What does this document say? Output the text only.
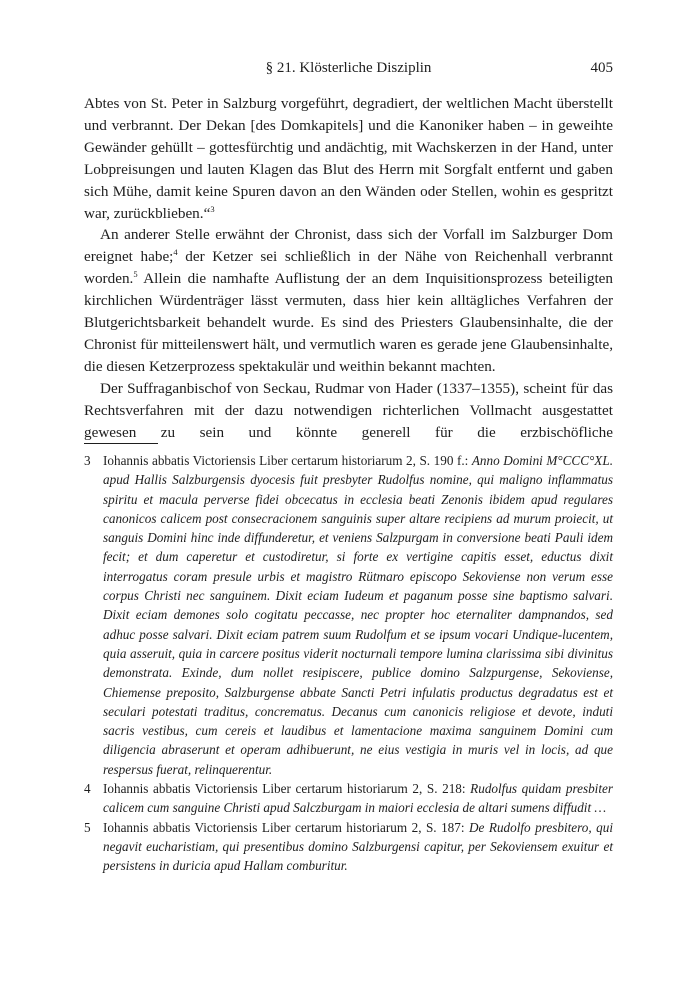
§ 21. Klösterliche Disziplin	405

Abtes von St. Peter in Salzburg vorgeführt, degradiert, der weltlichen Macht überstellt und verbrannt. Der Dekan [des Domkapitels] und die Kanoniker haben – in geweihte Gewänder gehüllt – gottesfürchtig und andächtig, mit Wachskerzen in der Hand, unter Lobpreisungen und lauten Klagen das Blut des Herrn mit Sorgfalt entfernt und gaben sich Mühe, damit keine Spuren davon an den Wänden oder Stellen, wohin es gespritzt war, zurückblieben.“$^3$

An anderer Stelle erwähnt der Chronist, dass sich der Vorfall im Salzburger Dom ereignet habe;$^4$ der Ketzer sei schließlich in der Nähe von Reichenhall verbrannt worden.$^5$ Allein die namhafte Auflistung der an dem Inquisitionsprozess beteiligten kirchlichen Würdenträger lässt vermuten, dass hier kein alltägliches Verfahren der Blutgerichtsbarkeit behandelt wurde. Es sind des Priesters Glaubensinhalte, die der Chronist für mitteilenswert hält, und vermutlich waren es gerade jene Glaubensinhalte, die diesen Ketzerprozess spektakulär und weithin bekannt machten.

Der Suffraganbischof von Seckau, Rudmar von Hader (1337–1355), scheint für das Rechtsverfahren mit der dazu notwendigen richterlichen Vollmacht ausgestattet gewesen zu sein und könnte generell für die erzbischöfliche

3 Iohannis abbatis Victoriensis Liber certarum historiarum 2, S. 190 f.: Anno Domini M°CCC°XL. apud Hallis Salzburgensis dyocesis fuit presbyter Rudolfus nomine, qui maligno inflammatus spiritu et macula perverse fidei obcecatus in ecclesia beati Zenonis ibidem apud regulares canonicos calicem post consecracionem sanguinis super altare recipiens ad murum proiecit, ut sanguis Domini hinc inde diffunderetur, et veniens Salzpurgam in conversione beati Pauli idem fecit; et dum caperetur et custodiretur, si forte ex vertigine capitis esset, eductus dixit interrogatus coram presule urbis et magistro Rütmaro episcopo Sekoviense non verum esse corpus Christi nec sanguinem. Dixit eciam Iudeum et paganum posse sine baptismo salvari. Dixit eciam demones solo cogitatu peccasse, nec propter hoc eternaliter dampnandos, sed adhuc posse salvari. Dixit eciam patrem suum Rudolfum et se ipsum vocari Undique-lucentem, quia asseruit, quia in carcere positus viderit nocturnali tempore lumina clarissima sibi divinitus demonstrata. Exinde, dum nollet resipiscere, publice domino Salzpurgense, Sekoviense, Chiemense preposito, Salzburgense abbate Sancti Petri infulatis productus degradatus est et seculari potestati traditus, concrematus. Decanus cum canonicis religiose et devote, induti sacris vestibus, cum cereis et laudibus et lamentacione maxima sanguinem Domini cum diligencia abraserunt et operam adhibuerunt, ne eius vestigia in muris vel in locis, ad que respersus fuerat, relinquerentur.
4 Iohannis abbatis Victoriensis Liber certarum historiarum 2, S. 218: Rudolfus quidam presbiter calicem cum sanguine Christi apud Salczburgam in maiori ecclesia de altari sumens diffudit …
5 Iohannis abbatis Victoriensis Liber certarum historiarum 2, S. 187: De Rudolfo presbitero, qui negavit eucharistiam, qui presentibus domino Salzburgensi capitur, per Sekoviensem exuitur et persistens in duricia apud Hallam comburitur.
